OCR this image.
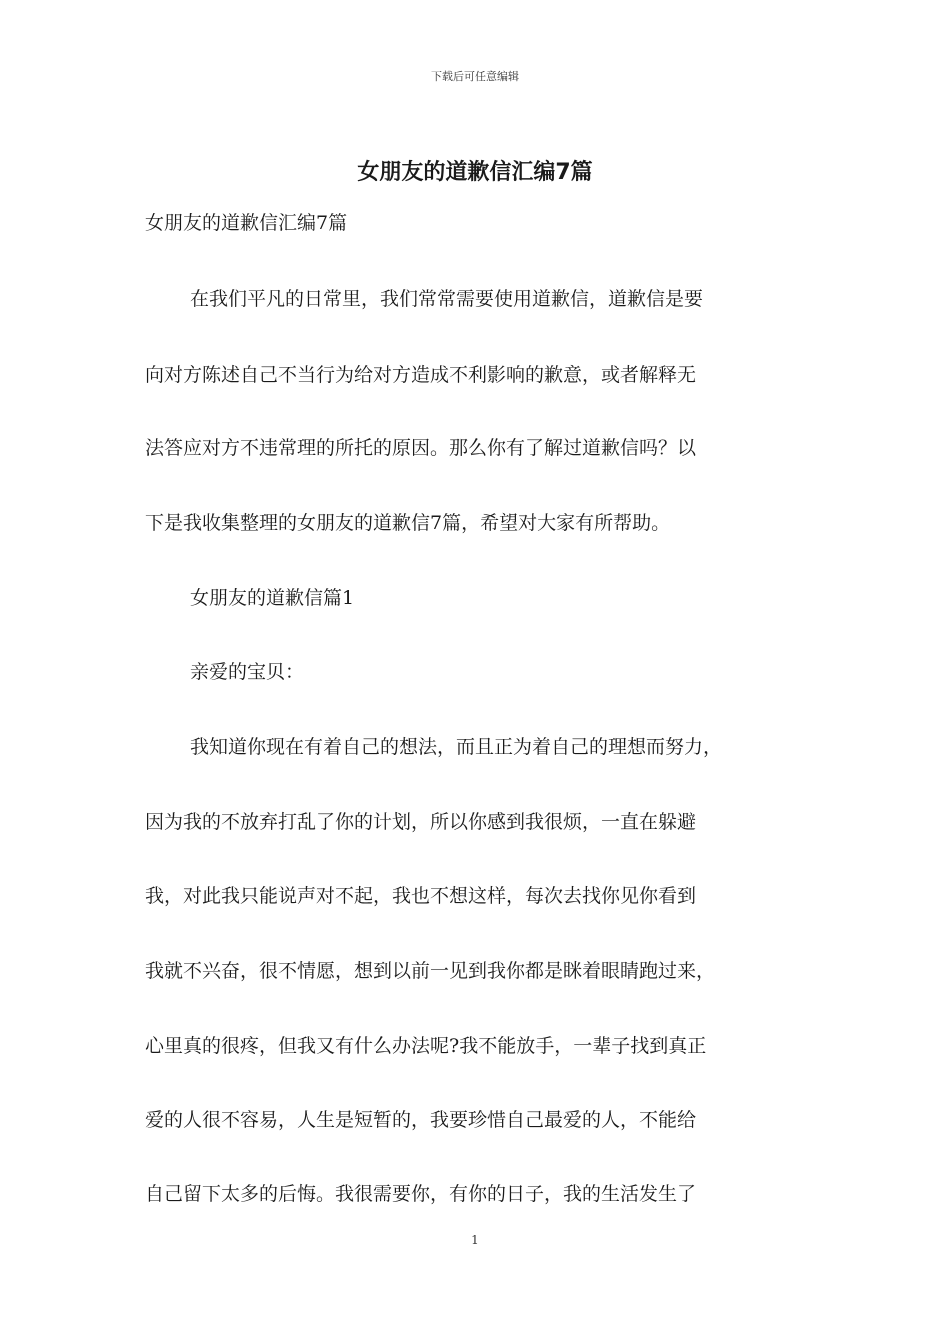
下载后可任意编辑
女朋友的道歉信汇编7篇
女朋友的道歉信汇编7篇
在我们平凡的日常里，我们常常需要使用道歉信，道歉信是要
向对方陈述自己不当行为给对方造成不利影响的歉意，或者解释无
法答应对方不违常理的所托的原因。那么你有了解过道歉信吗？以
下是我收集整理的女朋友的道歉信7篇，希望对大家有所帮助。
女朋友的道歉信篇1
亲爱的宝贝：
我知道你现在有着自己的想法，而且正为着自己的理想而努力，
因为我的不放弃打乱了你的计划，所以你感到我很烦，一直在躲避
我，对此我只能说声对不起，我也不想这样，每次去找你见你看到
我就不兴奋，很不情愿，想到以前一见到我你都是眯着眼睛跑过来，
心里真的很疼，但我又有什么办法呢?我不能放手，一辈子找到真正
爱的人很不容易，人生是短暂的，我要珍惜自己最爱的人，不能给
自己留下太多的后悔。我很需要你，有你的日子，我的生活发生了
1
